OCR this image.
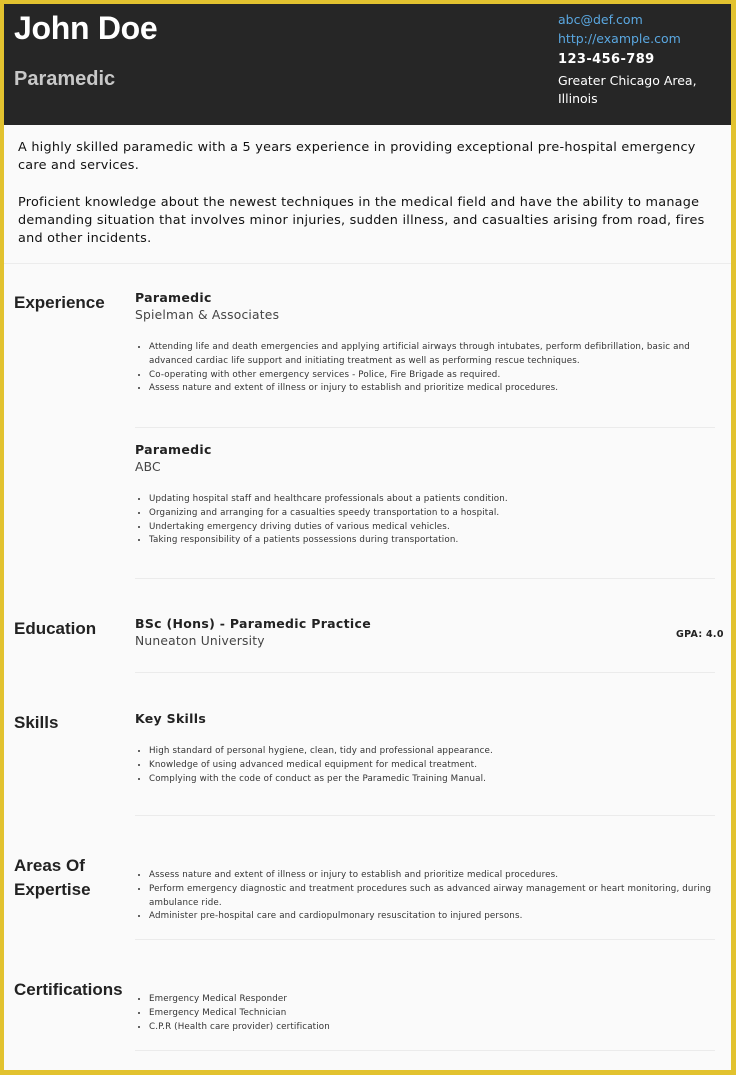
John Doe
Paramedic
abc@def.com
http://example.com
123-456-789
Greater Chicago Area,
Illinois

A highly skilled paramedic with a 5 years experience in providing exceptional pre-hospital emergency care and services.

Proficient knowledge about the newest techniques in the medical field and have the ability to manage demanding situation that involves minor injuries, sudden illness, and casualties arising from road, fires and other incidents.

Experience	Paramedic
Spielman & Associates
• Attending life and death emergencies and applying artificial airways through intubates, perform defibrillation, basic and advanced cardiac life support and initiating treatment as well as performing rescue techniques.
• Co-operating with other emergency services - Police, Fire Brigade as required.
• Assess nature and extent of illness or injury to establish and prioritize medical procedures.
Paramedic
ABC
• Updating hospital staff and healthcare professionals about a patients condition.
• Organizing and arranging for a casualties speedy transportation to a hospital.
• Undertaking emergency driving duties of various medical vehicles.
• Taking responsibility of a patients possessions during transportation.
Education	BSc (Hons) - Paramedic Practice
Nuneaton University	GPA: 4.0
Skills	Key Skills
• High standard of personal hygiene, clean, tidy and professional appearance.
• Knowledge of using advanced medical equipment for medical treatment.
• Complying with the code of conduct as per the Paramedic Training Manual.
Areas Of
Expertise
• Assess nature and extent of illness or injury to establish and prioritize medical procedures.
• Perform emergency diagnostic and treatment procedures such as advanced airway management or heart monitoring, during ambulance ride.
• Administer pre-hospital care and cardiopulmonary resuscitation to injured persons.
Certifications
•	Emergency Medical Responder
• Emergency Medical Technician
• C.P.R (Health care provider) certification
